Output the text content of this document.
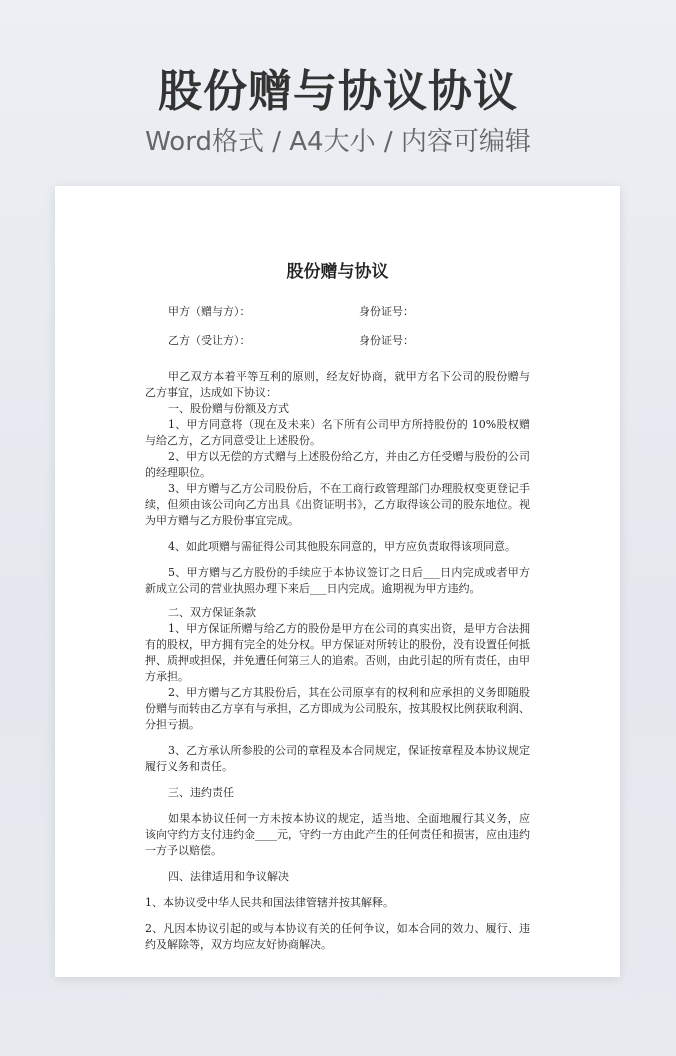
股份赠与协议协议
Word格式 / A4大小 / 内容可编辑
股份赠与协议
甲方（赠与方）：	身份证号：
乙方（受让方）：	身份证号：

甲乙双方本着平等互利的原则，经友好协商，就甲方名下公司的股份赠与乙方事宜，达成如下协议：

一、股份赠与份额及方式

1、甲方同意将（现在及未来）名下所有公司甲方所持股份的 10%股权赠与给乙方，乙方同意受让上述股份。

2、甲方以无偿的方式赠与上述股份给乙方，并由乙方任受赠与股份的公司的经理职位。

3、甲方赠与乙方公司股份后，不在工商行政管理部门办理股权变更登记手续，但须由该公司向乙方出具《出资证明书》，乙方取得该公司的股东地位。视为甲方赠与乙方股份事宜完成。

4、如此项赠与需征得公司其他股东同意的，甲方应负责取得该项同意。

5、甲方赠与乙方股份的手续应于本协议签订之日后___日内完成或者甲方新成立公司的营业执照办理下来后___日内完成。逾期视为甲方违约。

二、双方保证条款

1、甲方保证所赠与给乙方的股份是甲方在公司的真实出资，是甲方合法拥有的股权，甲方拥有完全的处分权。甲方保证对所转让的股份，没有设置任何抵押、质押或担保，并免遭任何第三人的追索。否则，由此引起的所有责任，由甲方承担。

2、甲方赠与乙方其股份后，其在公司原享有的权利和应承担的义务即随股份赠与而转由乙方享有与承担，乙方即成为公司股东，按其股权比例获取利润、分担亏损。

3、乙方承认所参股的公司的章程及本合同规定，保证按章程及本协议规定履行义务和责任。

三、违约责任

如果本协议任何一方未按本协议的规定，适当地、全面地履行其义务，应该向守约方支付违约金____元，守约一方由此产生的任何责任和损害，应由违约一方予以赔偿。

四、法律适用和争议解决

1、本协议受中华人民共和国法律管辖并按其解释。

2、凡因本协议引起的或与本协议有关的任何争议，如本合同的效力、履行、违约及解除等，双方均应友好协商解决。
